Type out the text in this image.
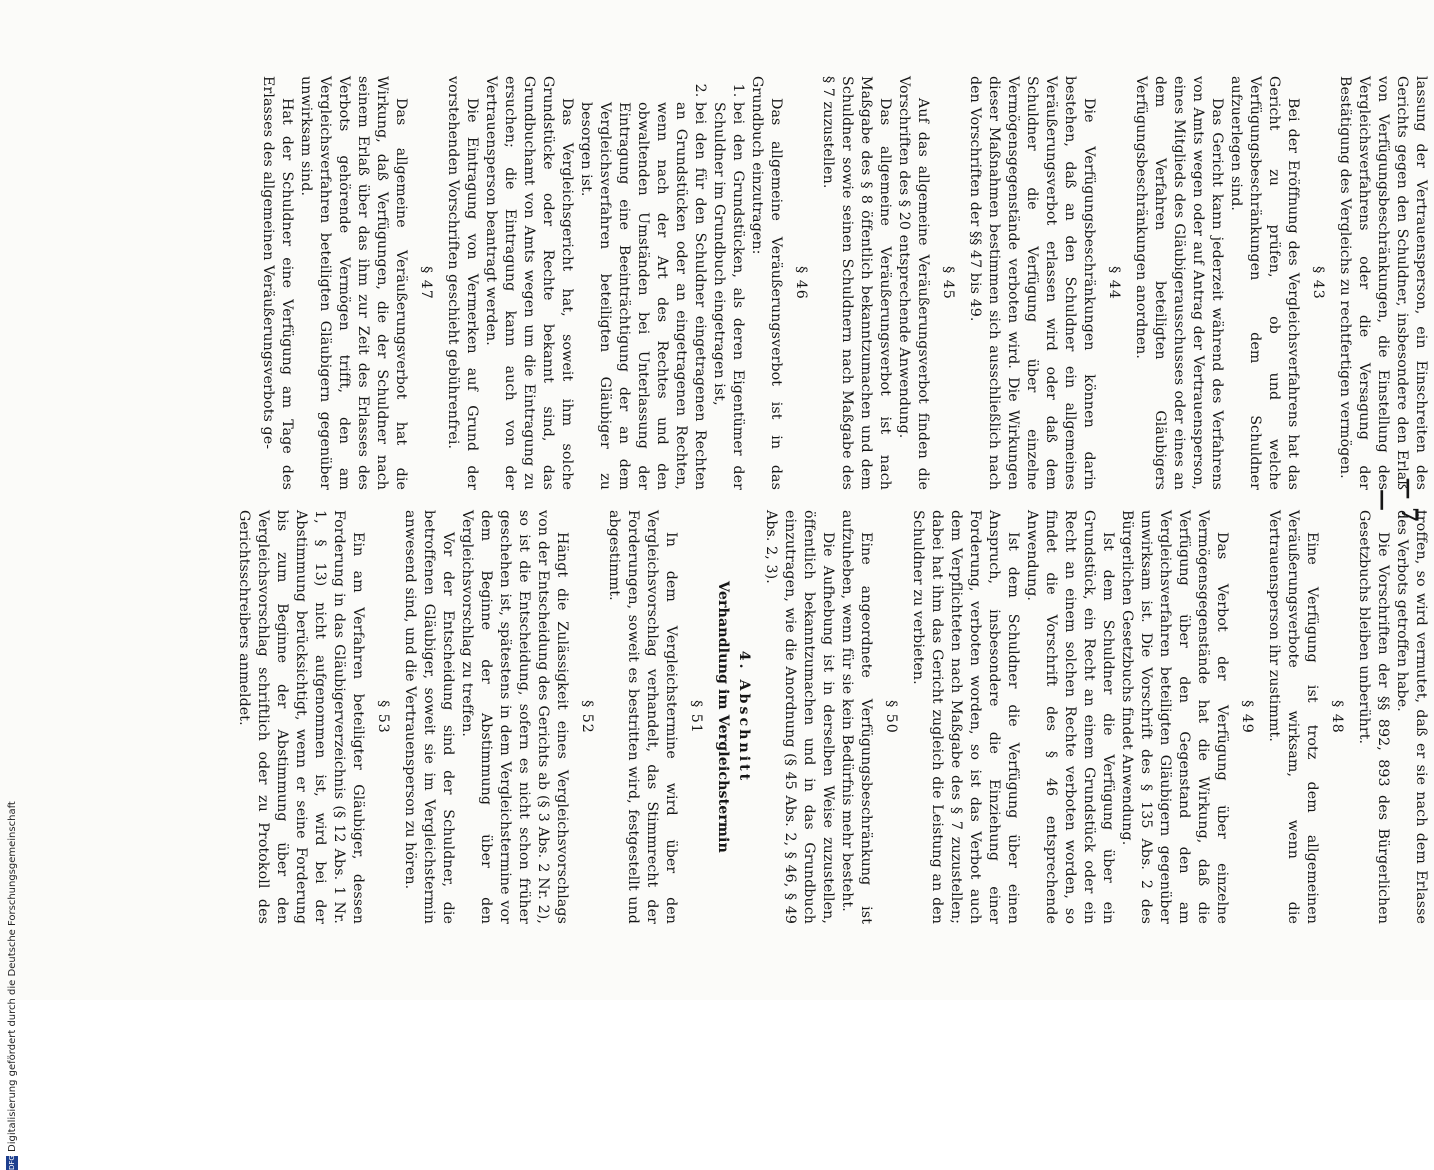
— 7 —

lassung der Vertrauensperson, ein Einschreiten des Gerichts gegen den Schuldner, insbesondere den Erlaß von Verfügungsbeschränkungen, die Einstellung des Vergleichsverfahrens oder die Versagung der Bestätigung des Vergleichs zu rechtfertigen vermögen.

§ 43

Bei der Eröffnung des Vergleichsverfahrens hat das Gericht zu prüfen, ob und welche Verfügungsbeschränkungen dem Schuldner aufzuerlegen sind.

Das Gericht kann jederzeit während des Verfahrens von Amts wegen oder auf Antrag der Vertrauensperson, eines Mitglieds des Gläubigerausschusses oder eines an dem Verfahren beteiligten Gläubigers Verfügungsbeschränkungen anordnen.

§ 44

Die Verfügungsbeschränkungen können darin bestehen, daß an den Schuldner ein allgemeines Veräußerungsverbot erlassen wird oder daß dem Schuldner die Verfügung über einzelne Vermögensgegenstände verboten wird. Die Wirkungen dieser Maßnahmen bestimmen sich ausschließlich nach den Vorschriften der §§ 47 bis 49.

§ 45

Auf das allgemeine Veräußerungsverbot finden die Vorschriften des § 20 entsprechende Anwendung.

Das allgemeine Veräußerungsverbot ist nach Maßgabe des § 8 öffentlich bekanntzumachen und dem Schuldner sowie seinen Schuldnern nach Maßgabe des § 7 zuzustellen.

§ 46

Das allgemeine Veräußerungsverbot ist in das Grundbuch einzutragen:

1. bei den Grundstücken, als deren Eigentümer der Schuldner im Grundbuch eingetragen ist,
2. bei den für den Schuldner eingetragenen Rechten an Grundstücken oder an eingetragenen Rechten, wenn nach der Art des Rechtes und den obwaltenden Umständen bei Unterlassung der Eintragung eine Beeinträchtigung der an dem Vergleichsverfahren beteiligten Gläubiger zu besorgen ist.

Das Vergleichsgericht hat, soweit ihm solche Grundstücke oder Rechte bekannt sind, das Grundbuchamt von Amts wegen um die Eintragung zu ersuchen; die Eintragung kann auch von der Vertrauensperson beantragt werden.

Die Eintragung von Vermerken auf Grund der vorstehenden Vorschriften geschieht gebührenfrei.

§ 47

Das allgemeine Veräußerungsverbot hat die Wirkung, daß Verfügungen, die der Schuldner nach seinem Erlaß über das ihm zur Zeit des Erlasses des Verbots gehörende Vermögen trifft, den am Vergleichsverfahren beteiligten Gläubigern gegenüber unwirksam sind.

Hat der Schuldner eine Verfügung am Tage des Erlasses des allgemeinen Veräußerungsverbots ge-

troffen, so wird vermutet, daß er sie nach dem Erlasse des Verbots getroffen habe.

Die Vorschriften der §§ 892, 893 des Bürgerlichen Gesetzbuchs bleiben unberührt.

§ 48

Eine Verfügung ist trotz dem allgemeinen Veräußerungsverbote wirksam, wenn die Vertrauensperson ihr zustimmt.

§ 49

Das Verbot der Verfügung über einzelne Vermögensgegenstände hat die Wirkung, daß die Verfügung über den Gegenstand den am Vergleichsverfahren beteiligten Gläubigern gegenüber unwirksam ist. Die Vorschrift des § 135 Abs. 2 des Bürgerlichen Gesetzbuchs findet Anwendung.

Ist dem Schuldner die Verfügung über ein Grundstück, ein Recht an einem Grundstück oder ein Recht an einem solchen Rechte verboten worden, so findet die Vorschrift des § 46 entsprechende Anwendung.

Ist dem Schuldner die Verfügung über einen Anspruch, insbesondere die Einziehung einer Forderung, verboten worden, so ist das Verbot auch dem Verpflichteten nach Maßgabe des § 7 zuzustellen; dabei hat ihm das Gericht zugleich die Leistung an den Schuldner zu verbieten.

§ 50

Eine angeordnete Verfügungsbeschränkung ist aufzuheben, wenn für sie kein Bedürfnis mehr besteht.

Die Aufhebung ist in derselben Weise zuzustellen, öffentlich bekanntzumachen und in das Grundbuch einzutragen, wie die Anordnung (§ 45 Abs. 2, § 46, § 49 Abs. 2, 3).

4. Abschnitt
Verhandlung im Vergleichstermin
§ 51

In dem Vergleichstermine wird über den Vergleichsvorschlag verhandelt, das Stimmrecht der Forderungen, soweit es bestritten wird, festgestellt und abgestimmt.

§ 52

Hängt die Zulässigkeit eines Vergleichsvorschlags von der Entscheidung des Gerichts ab (§ 3 Abs. 2 Nr. 2), so ist die Entscheidung, sofern es nicht schon früher geschehen ist, spätestens in dem Vergleichstermine vor dem Beginne der Abstimmung über den Vergleichsvorschlag zu treffen.

Vor der Entscheidung sind der Schuldner, die betroffenen Gläubiger, soweit sie im Vergleichstermin anwesend sind, und die Vertrauensperson zu hören.

§ 53

Ein am Verfahren beteiligter Gläubiger, dessen Forderung in das Gläubigerverzeichnis (§ 12 Abs. 1 Nr. 1, § 13) nicht aufgenommen ist, wird bei der Abstimmung berücksichtigt, wenn er seine Forderung bis zum Beginne der Abstimmung über den Vergleichsvorschlag schriftlich oder zu Protokoll des Gerichtsschreibers anmeldet.

DFGDigitalisierung gefördert durch die Deutsche Forschungsgemeinschaft
